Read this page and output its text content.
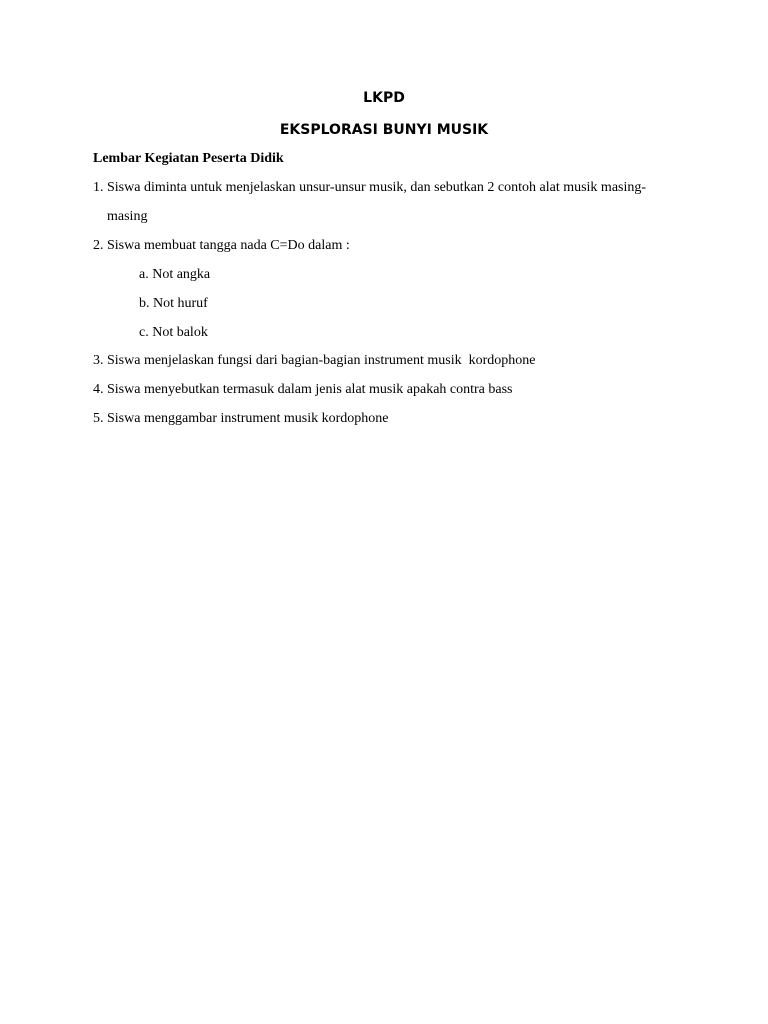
LKPD
EKSPLORASI BUNYI MUSIK

Lembar Kegiatan Peserta Didik

1. Siswa diminta untuk menjelaskan unsur-unsur musik, dan sebutkan 2 contoh alat musik masing-

masing

2. Siswa membuat tangga nada C=Do dalam :

a. Not angka

b. Not huruf

c. Not balok

3. Siswa menjelaskan fungsi dari bagian-bagian instrument musik  kordophone

4. Siswa menyebutkan termasuk dalam jenis alat musik apakah contra bass

5. Siswa menggambar instrument musik kordophone
